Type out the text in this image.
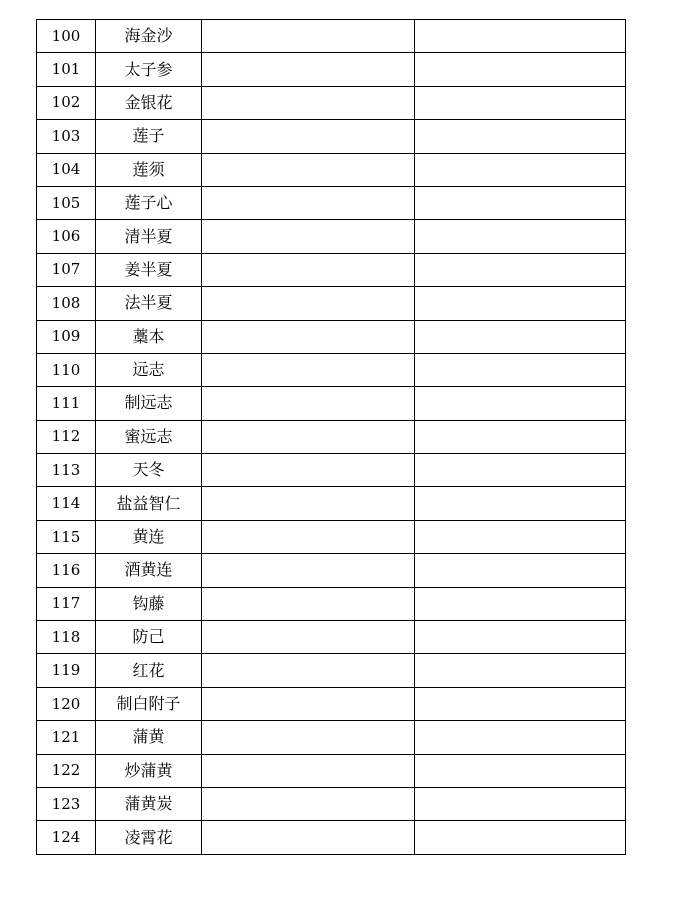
100	海金沙		
101	太子参		
102	金银花		
103	莲子		
104	莲须		
105	莲子心		
106	清半夏		
107	姜半夏		
108	法半夏		
109	藁本		
110	远志		
111	制远志		
112	蜜远志		
113	天冬		
114	盐益智仁		
115	黄连		
116	酒黄连		
117	钩藤		
118	防己		
119	红花		
120	制白附子		
121	蒲黄		
122	炒蒲黄		
123	蒲黄炭		
124	凌霄花		
